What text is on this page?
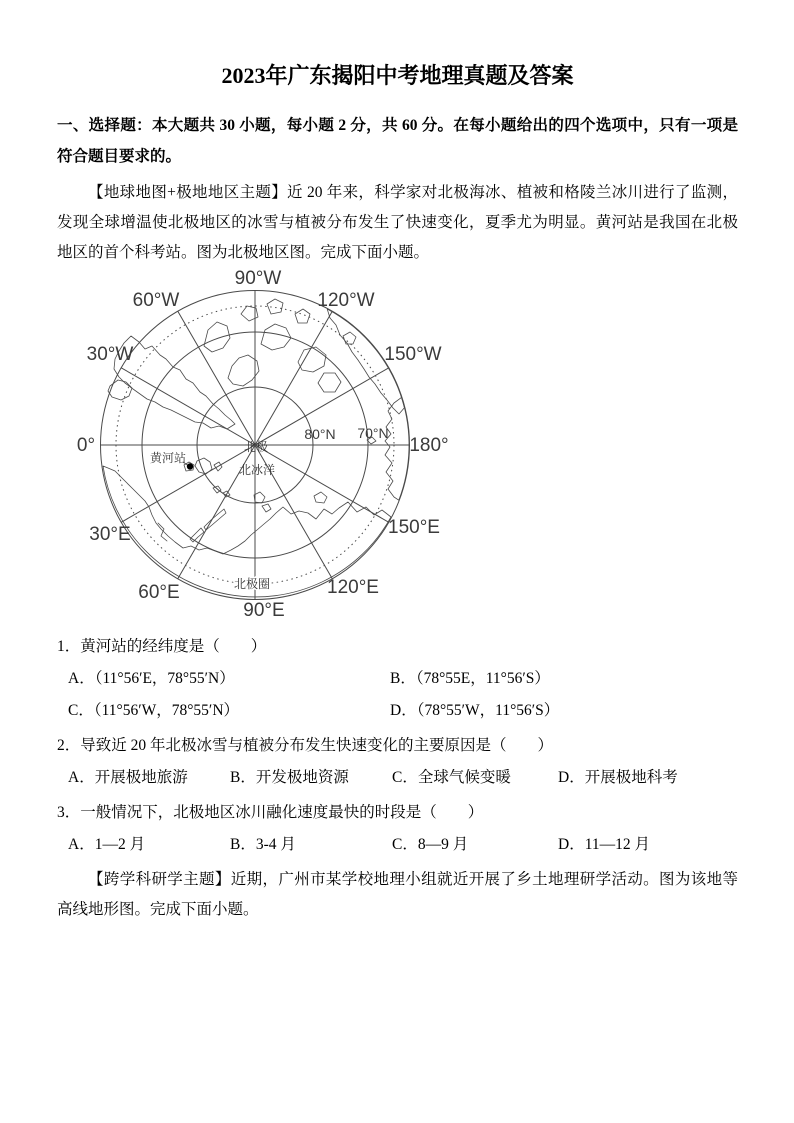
2023年广东揭阳中考地理真题及答案

一、选择题：本大题共 30 小题，每小题 2 分，共 60 分。在每小题给出的四个选项中，只有一项是符合题目要求的。

【地球地图+极地地区主题】近 20 年来，科学家对北极海冰、植被和格陵兰冰川进行了监测，发现全球增温使北极地区的冰雪与植被分布发生了快速变化，夏季尤为明显。黄河站是我国在北极地区的首个科考站。图为北极地区图。完成下面小题。

90°W
60°W	120°W
30°W	150°W
0°	180°
30°E	150°E
60°E	120°E
90°E
80°N 70°N
北极
北冰洋
北极圈
黄河站

1．黄河站的经纬度是（　　）

A．（11°56′E，78°55′N）	B．（78°55E，11°56′S）
C．（11°56′W，78°55′N）	D．（78°55′W，11°56′S）

2．导致近 20 年北极冰雪与植被分布发生快速变化的主要原因是（　　）

A．开展极地旅游	B．开发极地资源	C．全球气候变暖	D．开展极地科考

3．一般情况下，北极地区冰川融化速度最快的时段是（　　）

A．1—2 月	B．3-4 月	C．8—9 月	D．11—12 月

【跨学科研学主题】近期，广州市某学校地理小组就近开展了乡土地理研学活动。图为该地等高线地形图。完成下面小题。
